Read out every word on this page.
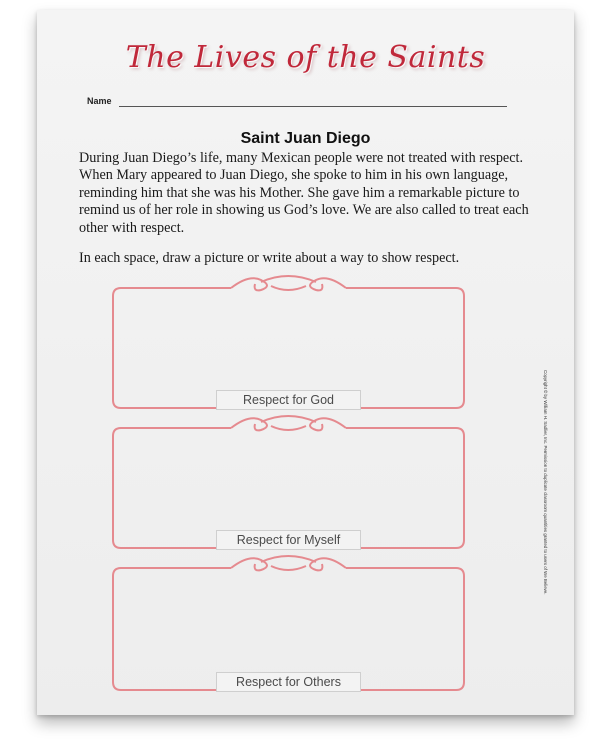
The Lives of the Saints
Name
Saint Juan Diego

During Juan Diego’s life, many Mexican people were not treated with respect. When Mary appeared to Juan Diego, she spoke to him in his own language, reminding him that she was his Mother. She gave him a remarkable picture to remind us of her role in showing us God’s love. We are also called to treat each other with respect.

In each space, draw a picture or write about a way to show respect.

Respect for God
Respect for Myself
Respect for Others
Copyright © by William H. Sadlier, Inc. Permission to duplicate classroom quantities granted to users of We Believe.
